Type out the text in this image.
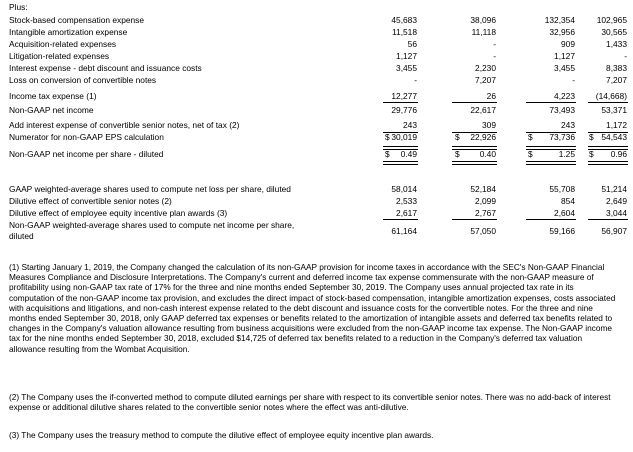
Plus:
Stock-based compensation expense	45,683	38,096	132,354	102,965
Intangible amortization expense	11,518	11,118	32,956	30,565
Acquisition-related expenses	56	-	909	1,433
Litigation-related expenses	1,127	-	1,127	-
Interest expense - debt discount and issuance costs	3,455	2,230	3,455	8,383
Loss on conversion of convertible notes	-	7,207	-	7,207
Income tax expense (1)	12,277	26	4,223	(14,668)
Non-GAAP net income	29,776	22,617	73,493	53,371
Add interest expense of convertible senior notes, net of tax (2)	243	309	243	1,172
Numerator for non-GAAP EPS calculation	30,019	22,926	73,736	54,543
$	$	$	$
Non-GAAP net income per share - diluted	0.49	0.40	1.25	0.96
$	$	$	$
GAAP weighted-average shares used to compute net loss per share, diluted	58,014	52,184	55,708	51,214
Dilutive effect of convertible senior notes (2)	2,533	2,099	854	2,649
Dilutive effect of employee equity incentive plan awards (3)	2,617	2,767	2,604	3,044
Non-GAAP weighted-average shares used to compute net income per share,
diluted	61,164	57,050	59,166	56,907
(1) Starting January 1, 2019, the Company changed the calculation of its non-GAAP provision for income taxes in accordance with the SEC's Non-GAAP Financial Measures Compliance and Disclosure Interpretations. The Company's current and deferred income tax expense commensurate with the non-GAAP measure of profitability using non-GAAP tax rate of 17% for the three and nine months ended September 30, 2019. The Company uses annual projected tax rate in its computation of the non-GAAP income tax provision, and excludes the direct impact of stock-based compensation, intangible amortization expenses, costs associated with acquisitions and litigations, and non-cash interest expense related to the debt discount and issuance costs for the convertible notes. For the three and nine months ended September 30, 2018, only GAAP deferred tax expenses or benefits related to the amortization of intangible assets and deferred tax benefits related to changes in the Company's valuation allowance resulting from business acquisitions were excluded from the non-GAAP income tax expense. The Non-GAAP income tax for the nine months ended September 30, 2018, excluded $14,725 of deferred tax benefits related to a reduction in the Company's deferred tax valuation allowance resulting from the Wombat Acquisition.
(2) The Company uses the if-converted method to compute diluted earnings per share with respect to its convertible senior notes. There was no add-back of interest expense or additional dilutive shares related to the convertible senior notes where the effect was anti-dilutive.
(3) The Company uses the treasury method to compute the dilutive effect of employee equity incentive plan awards.
